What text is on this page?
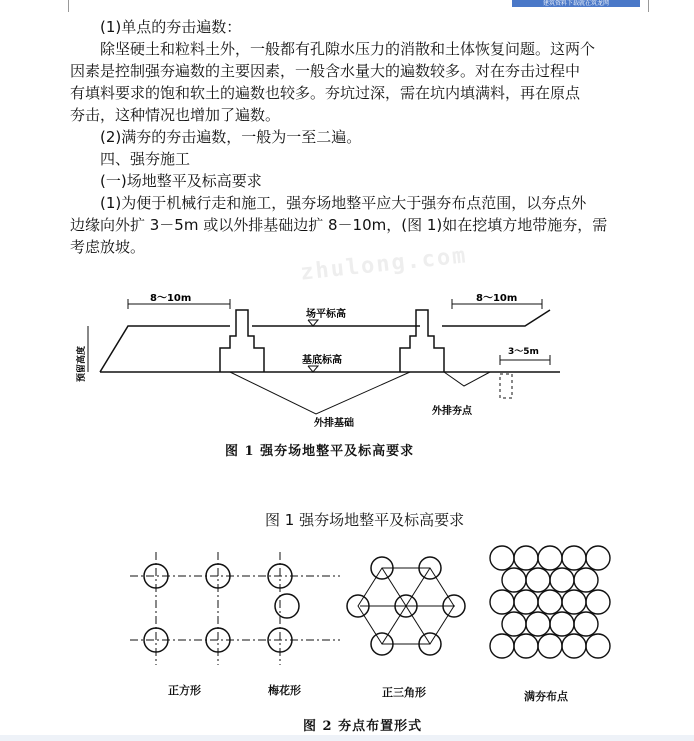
建筑资料下载就在筑龙网
(1)单点的夯击遍数：
除坚硬土和粒料土外，一般都有孔隙水压力的消散和土体恢复问题。这两个
因素是控制强夯遍数的主要因素，一般含水量大的遍数较多。对在夯击过程中
有填料要求的饱和软土的遍数也较多。夯坑过深，需在坑内填满料，再在原点
夯击，这种情况也增加了遍数。
(2)满夯的夯击遍数，一般为一至二遍。
四、强夯施工
(一)场地整平及标高要求
(1)为便于机械行走和施工，强夯场地整平应大于强夯布点范围，以夯点外
边缘向外扩 3－5m 或以外排基础边扩 8－10m，(图 1)如在挖填方地带施夯，需
考虑放坡。	zhulong.com
8～10m	8～10m
3～5m
场平标高
基底标高
预留高度
外排基础
外排夯点
图 1 强夯场地整平及标高要求
图 1 强夯场地整平及标高要求
正方形	梅花形	正三角形	满夯布点
图 2 夯点布置形式
